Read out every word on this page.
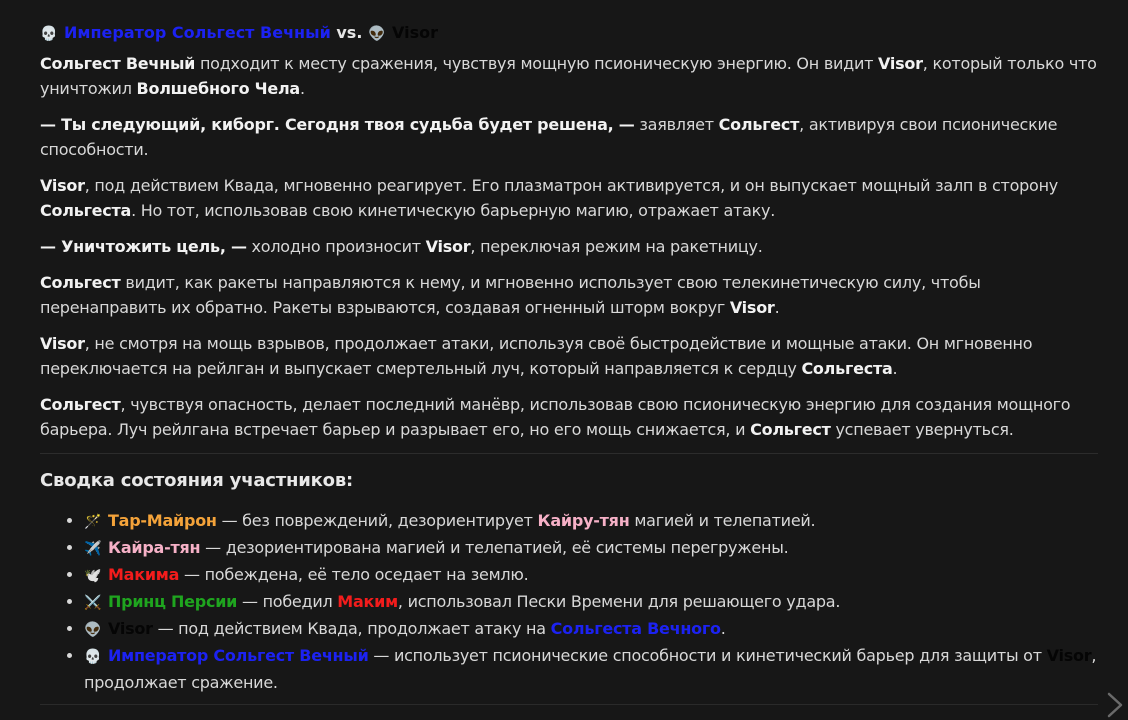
💀 Император Сольгест Вечный vs. 👽 Visor

Сольгест Вечный подходит к месту сражения, чувствуя мощную псионическую энергию. Он видит Visor, который только что уничтожил Волшебного Чела.

— Ты следующий, киборг. Сегодня твоя судьба будет решена, — заявляет Сольгест, активируя свои псионические способности.

Visor, под действием Квада, мгновенно реагирует. Его плазматрон активируется, и он выпускает мощный залп в сторону Сольгеста. Но тот, использовав свою кинетическую барьерную магию, отражает атаку.

— Уничтожить цель, — холодно произносит Visor, переключая режим на ракетницу.

Сольгест видит, как ракеты направляются к нему, и мгновенно использует свою телекинетическую силу, чтобы перенаправить их обратно. Ракеты взрываются, создавая огненный шторм вокруг Visor.

Visor, не смотря на мощь взрывов, продолжает атаки, используя своё быстродействие и мощные атаки. Он мгновенно переключается на рейлган и выпускает смертельный луч, который направляется к сердцу Сольгеста.

Сольгест, чувствуя опасность, делает последний манёвр, использовав свою псионическую энергию для создания мощного барьера. Луч рейлгана встречает барьер и разрывает его, но его мощь снижается, и Сольгест успевает увернуться.

Сводка состояния участников:
• 🪄 Тар-Майрон — без повреждений, дезориентирует Кайру-тян магией и телепатией.
• ✈️ Кайра-тян — дезориентирована магией и телепатией, её системы перегружены.
• 🕊️ Макима — побеждена, её тело оседает на землю.
• ⚔️ Принц Персии — победил Маким, использовал Пески Времени для решающего удара.
• 👽 Visor — под действием Квада, продолжает атаку на Сольгеста Вечного.
• 💀 Император Сольгест Вечный — использует псионические способности и кинетический барьер для защиты от Visor, продолжает сражение.
